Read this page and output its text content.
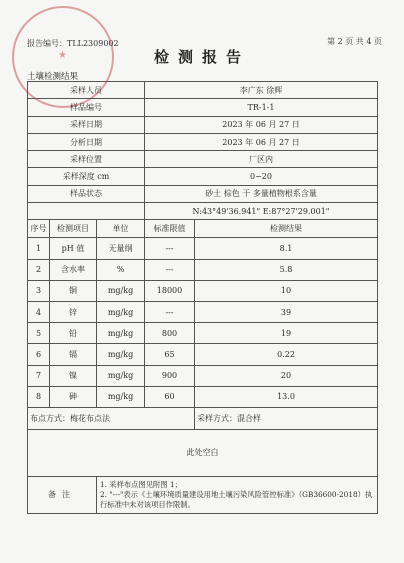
★
报告编号：TLL2309002	第 2 页 共 4 页
检测报告
土壤检测结果
采样人员			李广东 徐辉	
样品编号			TR-1-1	
采样日期			2023 年 06 月 27 日	
分析日期			2023 年 06 月 27 日	
采样位置			厂区内	
采样深度 cm			0~20	
样品状态			砂土 棕色 干 多量植物根系含量	
			N:43°49'36.941" E:87°27'29.001"	
序号	检测项目	单位	标准限值	检测结果
1	pH 值	无量纲	---	8.1
2	含水率	%	---	5.8
3	铜	mg/kg	18000	10
4	锌	mg/kg	---	39
5	铅	mg/kg	800	19
6	镉	mg/kg	65	0.22
7	镍	mg/kg	900	20
8	砷	mg/kg	60	13.0
布点方式：梅花布点法				采样方式：混合样
此处空白				
备注		1. 采样布点图见附图 1；
2. "---"表示《土壤环境质量建设用地土壤污染风险管控标准》（GB36600-2018）执行标准中未对该项目作限制。		
